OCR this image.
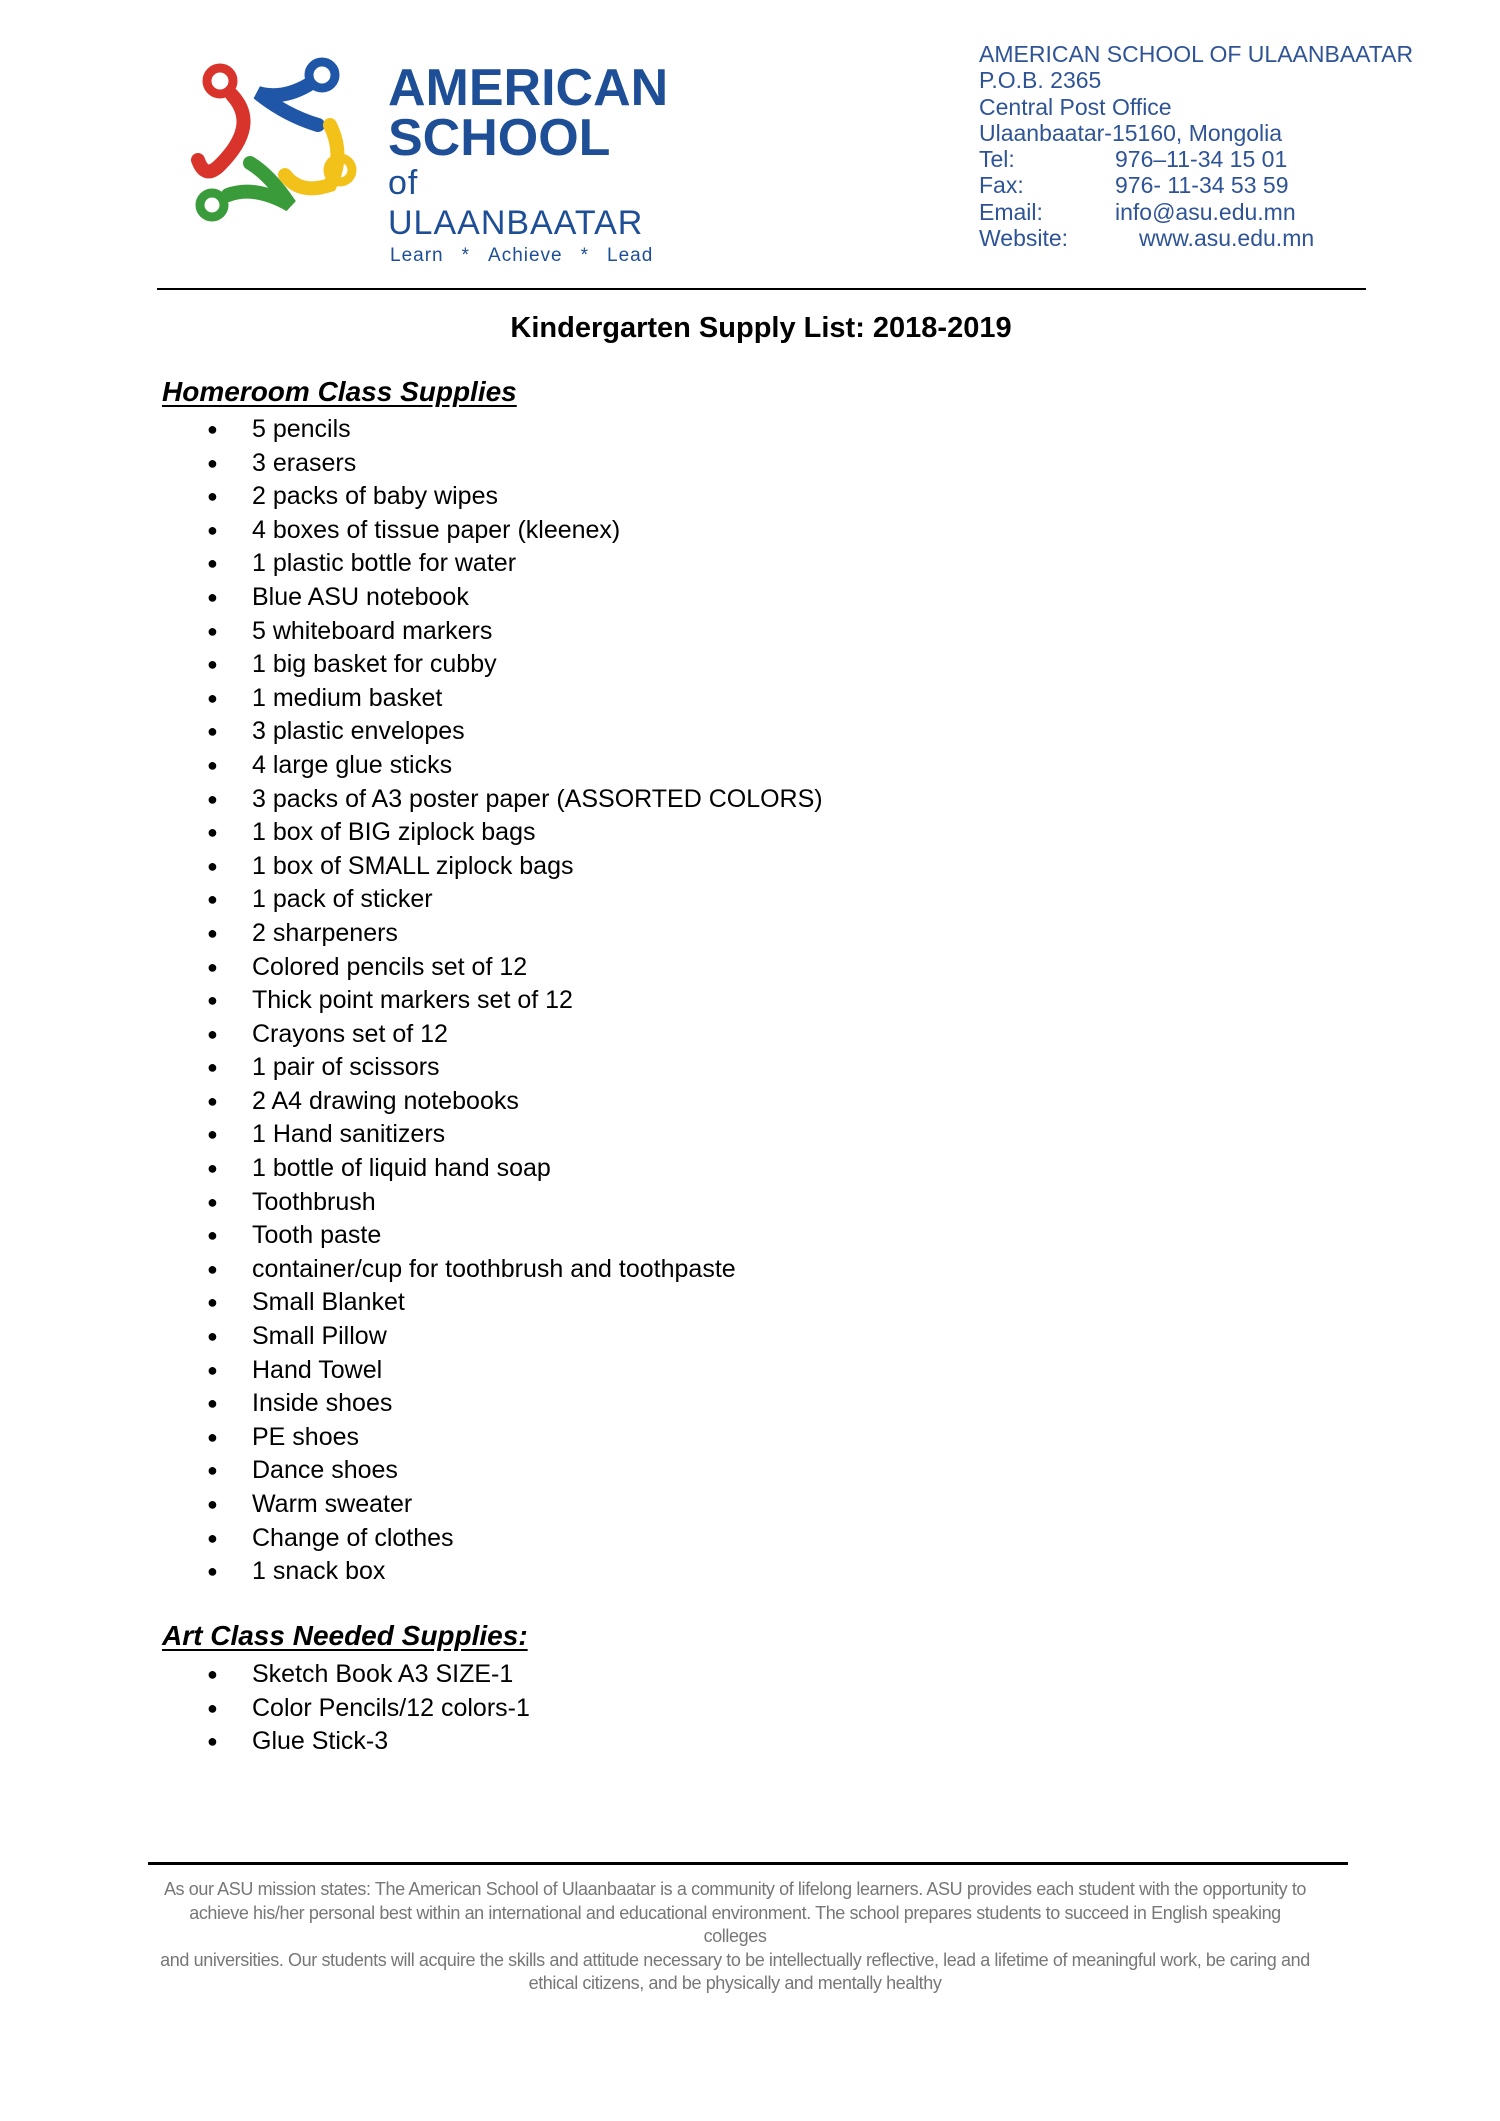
AMERICAN
SCHOOL
of ULAANBAATAR
Learn * Achieve * Lead
AMERICAN SCHOOL OF ULAANBAATAR
P.O.B. 2365
Central Post Office
Ulaanbaatar-15160, Mongolia
Tel:	976–11-34 15 01
Fax:	976- 11-34 53 59
Email:	info@asu.edu.mn
Website:	www.asu.edu.mn
Kindergarten Supply List: 2018-2019
Homeroom Class Supplies
●	5 pencils
●	3 erasers
●	2 packs of baby wipes
●	4 boxes of tissue paper (kleenex)
●	1 plastic bottle for water
●	Blue ASU notebook
●	5 whiteboard markers
●	1 big basket for cubby
●	1 medium basket
●	3 plastic envelopes
●	4 large glue sticks
●	3 packs of A3 poster paper (ASSORTED COLORS)
●	1 box of BIG ziplock bags
●	1 box of SMALL ziplock bags
●	1 pack of sticker
●	2 sharpeners
●	Colored pencils set of 12
●	Thick point markers set of 12
●	Crayons set of 12
●	1 pair of scissors
●	2 A4 drawing notebooks
●	1 Hand sanitizers
●	1 bottle of liquid hand soap
●	Toothbrush
●	Tooth paste
●	container/cup for toothbrush and toothpaste
●	Small Blanket
●	Small Pillow
●	Hand Towel
●	Inside shoes
●	PE shoes
●	Dance shoes
●	Warm sweater
●	Change of clothes
●	1 snack box
Art Class Needed Supplies:
●	Sketch Book A3 SIZE-1
●	Color Pencils/12 colors-1
●	Glue Stick-3
As our ASU mission states: The American School of Ulaanbaatar is a community of lifelong learners. ASU provides each student with the opportunity to
achieve his/her personal best within an international and educational environment. The school prepares students to succeed in English speaking colleges
and universities. Our students will acquire the skills and attitude necessary to be intellectually reflective, lead a lifetime of meaningful work, be caring and
ethical citizens, and be physically and mentally healthy
